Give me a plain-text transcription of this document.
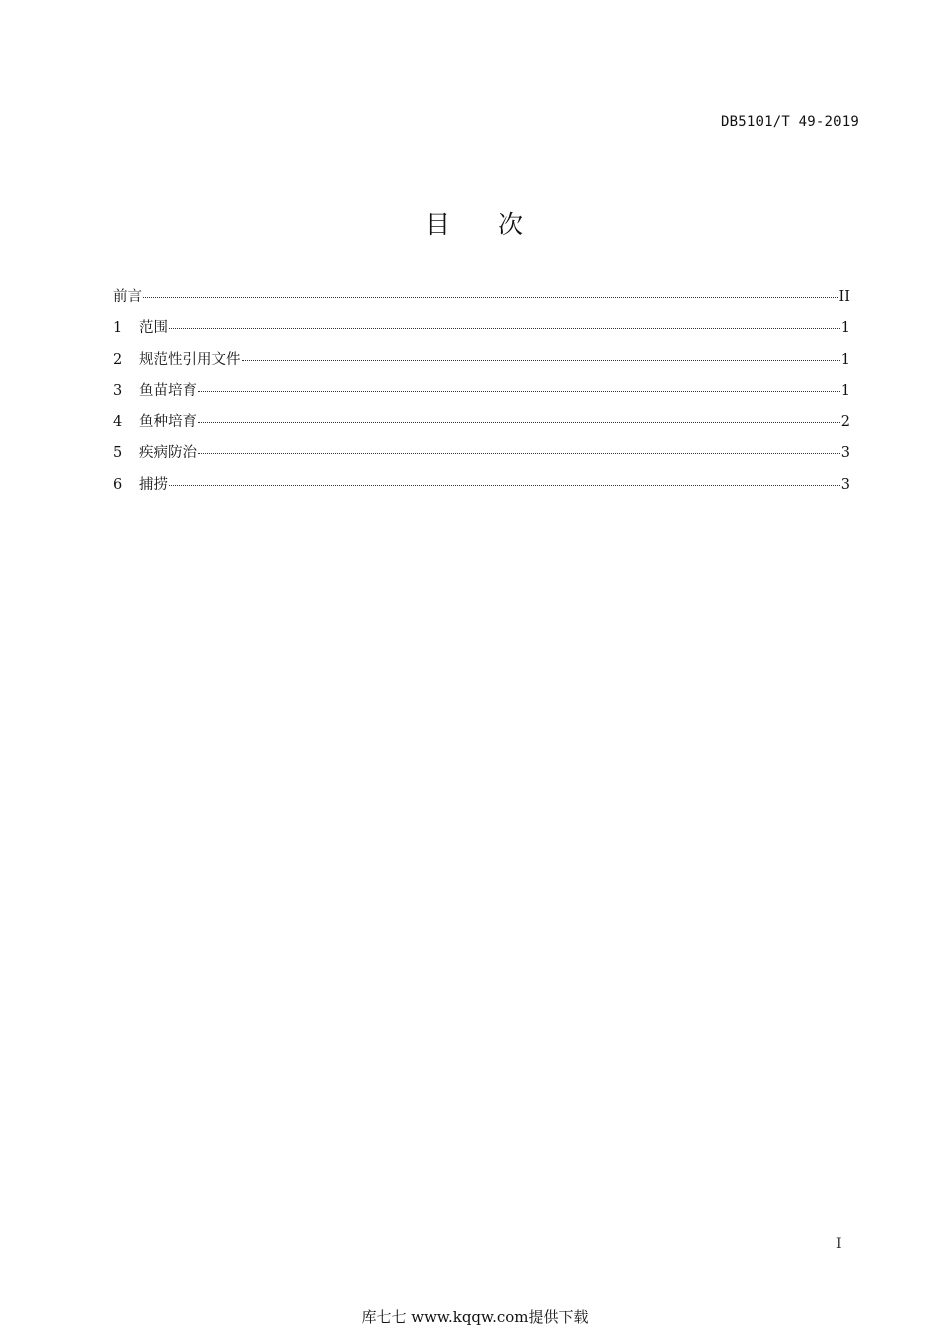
DB5101/T 49-2019
目 次
前言	II
1	范围	1
2	规范性引用文件	1
3	鱼苗培育	1
4	鱼种培育	2
5	疾病防治	3
6	捕捞	3
I
库七七 www.kqqw.com提供下载
